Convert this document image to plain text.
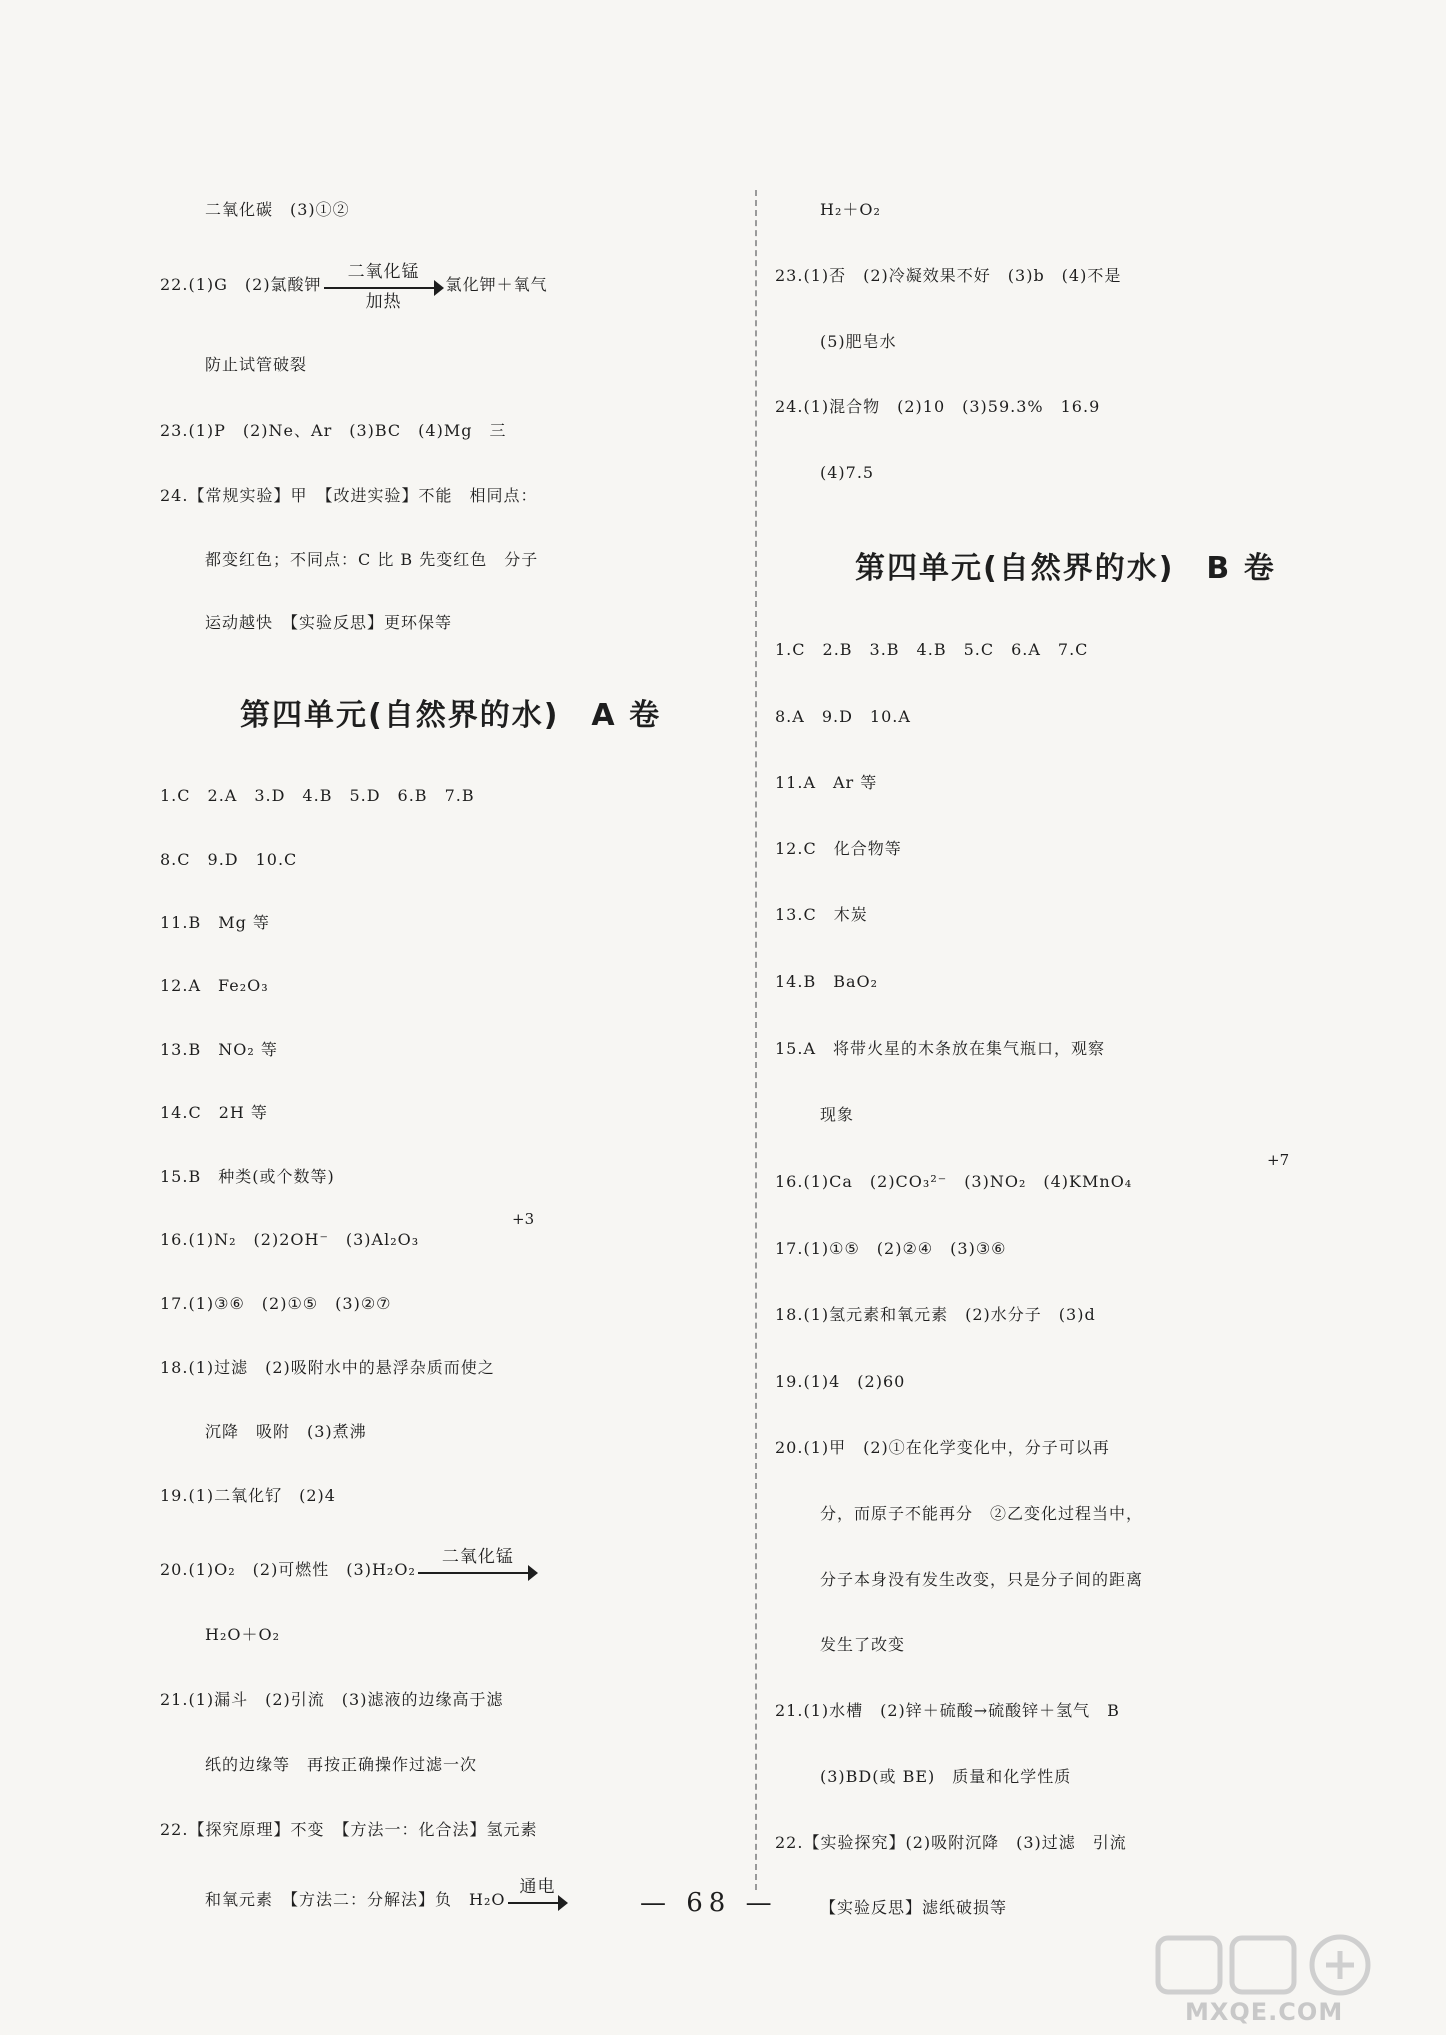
二氧化碳　(3)①②
22.(1)G　(2)氯酸钾
二氧化锰
加热
氯化钾＋氧气
防止试管破裂
23.(1)P　(2)Ne、Ar　(3)BC　(4)Mg　三
24.【常规实验】甲　【改进实验】不能　相同点：
都变红色；不同点：C 比 B 先变红色　分子
运动越快　【实验反思】更环保等
第四单元(自然界的水)　A 卷
1.C　2.A　3.D　4.B　5.D　6.B　7.B
8.C　9.D　10.C
11.B　Mg 等
12.A　Fe₂O₃
13.B　NO₂ 等
14.C　2H 等
15.B　种类(或个数等)
16.(1)N₂　(2)2OH⁻　(3)Al₂O₃
+3
17.(1)③⑥　(2)①⑤　(3)②⑦
18.(1)过滤　(2)吸附水中的悬浮杂质而使之
沉降　吸附　(3)煮沸
19.(1)二氧化钌　(2)4
20.(1)O₂　(2)可燃性　(3)H₂O₂
二氧化锰
H₂O＋O₂
21.(1)漏斗　(2)引流　(3)滤液的边缘高于滤
纸的边缘等　再按正确操作过滤一次
22.【探究原理】不变　【方法一：化合法】氢元素
和氧元素　【方法二：分解法】负　H₂O
通电
H₂＋O₂
23.(1)否　(2)冷凝效果不好　(3)b　(4)不是
(5)肥皂水
24.(1)混合物　(2)10　(3)59.3%　16.9
(4)7.5
第四单元(自然界的水)　B 卷
1.C　2.B　3.B　4.B　5.C　6.A　7.C
8.A　9.D　10.A
11.A　Ar 等
12.C　化合物等
13.C　木炭
14.B　BaO₂
15.A　将带火星的木条放在集气瓶口，观察
现象
16.(1)Ca　(2)CO₃²⁻　(3)NO₂　(4)KMnO₄
+7
17.(1)①⑤　(2)②④　(3)③⑥
18.(1)氢元素和氧元素　(2)水分子　(3)d
19.(1)4　(2)60
20.(1)甲　(2)①在化学变化中，分子可以再
分，而原子不能再分　②乙变化过程当中，
分子本身没有发生改变，只是分子间的距离
发生了改变
21.(1)水槽　(2)锌＋硫酸→硫酸锌＋氢气　B
(3)BD(或 BE)　质量和化学性质
22.【实验探究】(2)吸附沉降　(3)过滤　引流
【实验反思】滤纸破损等
— 68 —
MXQE.COM
